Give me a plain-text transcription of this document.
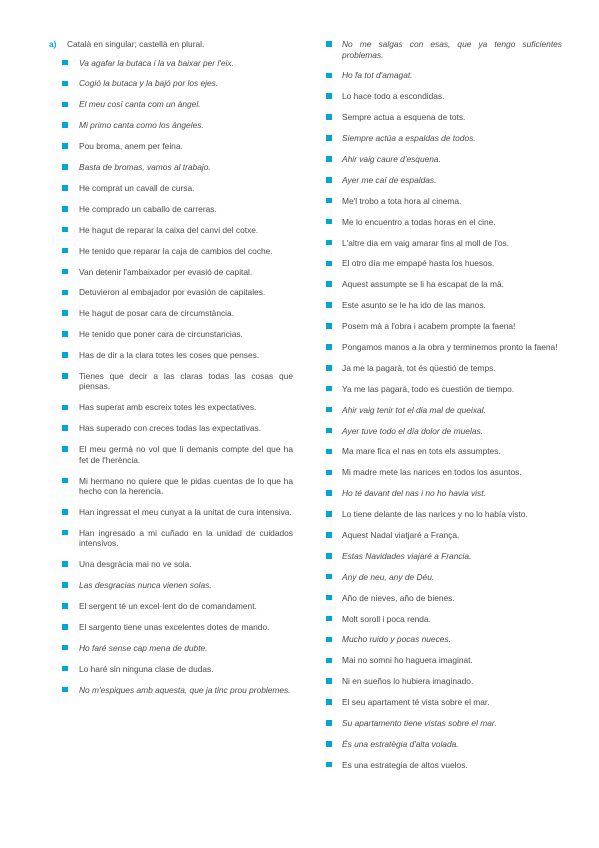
a) Català en singular; castellà en plural.
Va agafar la butaca i la va baixar per l'eix.
Cogió la butaca y la bajó por los ejes.
El meu cosí canta com un àngel.
Mi primo canta como los ángeles.
Pou broma, anem per feina.
Basta de bromas, vamos al trabajo.
He comprat un cavall de cursa.
He comprado un caballo de carreras.
He hagut de reparar la caixa del canvi del cotxe.
He tenido que reparar la caja de cambios del coche.
Van detenir l'ambaixador per evasió de capital.
Detuvieron al embajador por evasión de capitales.
He hagut de posar cara de circumstància.
He tenido que poner cara de circunstancias.
Has de dir a la clara totes les coses que penses.
Tienes que decir a las claras todas las cosas que piensas.
Has superat amb escreix totes les expectatives.
Has superado con creces todas las expectativas.
El meu germà no vol que li demanis compte del que ha fet de l'herència.
Mi hermano no quiere que le pidas cuentas de lo que ha hecho con la herencia.
Han ingressat el meu cunyat a la unitat de cura intensiva.
Han ingresado a mi cuñado en la unidad de cuidados intensivos.
Una desgràcia mai no ve sola.
Las desgracias nunca vienen solas.
El sergent té un excel·lent do de comandament.
El sargento tiene unas excelentes dotes de mando.
Ho faré sense cap mena de dubte.
Lo haré sin ninguna clase de dudas.
No m'espiques amb aquesta, que ja tinc prou problemes.
No me salgas con esas, que ya tengo suficientes problemas.
Ho fa tot d'amagat.
Lo hace todo a escondidas.
Sempre actua a esquena de tots.
Siempre actúa a espaldas de todos.
Ahir vaig caure d'esquena.
Ayer me caí de espaldas.
Me'l trobo a tota hora al cinema.
Me lo encuentro a todas horas en el cine.
L'altre dia em vaig amarar fins al moll de l'os.
El otro día me empapé hasta los huesos.
Aquest assumpte se li ha escapat de la mà.
Este asunto se le ha ido de las manos.
Posem mà a l'obra i acabem prompte la faena!
Pongamos manos a la obra y terminemos pronto la faena!
Ja me la pagarà, tot és qüestió de temps.
Ya me las pagará, todo es cuestión de tiempo.
Ahir vaig tenir tot el dia mal de queixal.
Ayer tuve todo el día dolor de muelas.
Ma mare fica el nas en tots els assumptes.
Mi madre mete las narices en todos los asuntos.
Ho té davant del nas i no ho havia vist.
Lo tiene delante de las narices y no lo había visto.
Aquest Nadal viatjaré a França.
Estas Navidades viajaré a Francia.
Any de neu, any de Déu.
Año de nieves, año de bienes.
Molt soroll i poca renda.
Mucho ruido y pocas nueces.
Mai no somni ho haguera imaginat.
Ni en sueños lo hubiera imaginado.
El seu apartament té vista sobre el mar.
Su apartamento tiene vistas sobre el mar.
És una estratègia d'alta volada.
Es una estrategia de altos vuelos.
